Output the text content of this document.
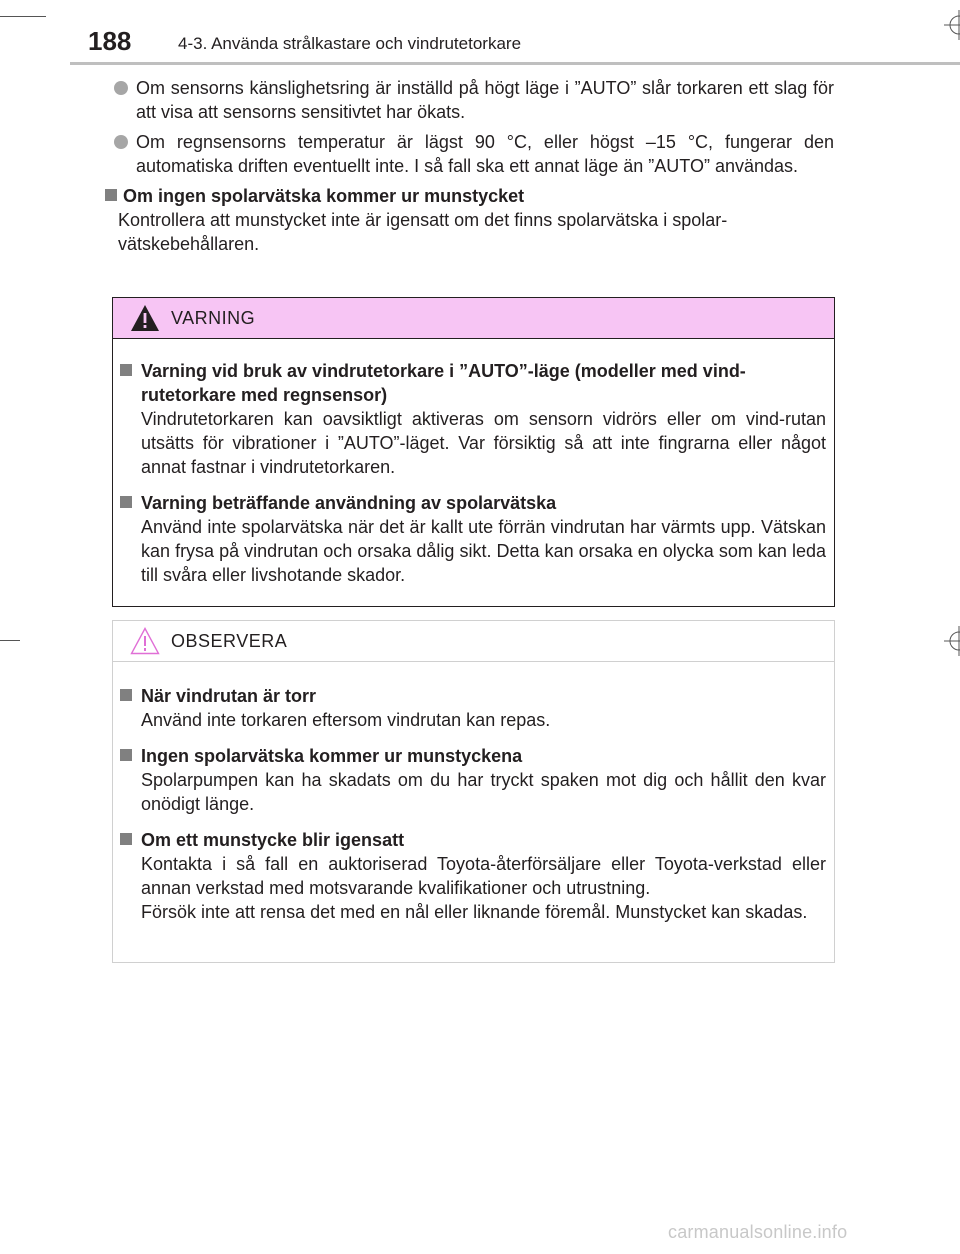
188	4-3. Använda strålkastare och vindrutetorkare
Om sensorns känslighetsring är inställd på högt läge i ”AUTO” slår torkaren ett slag för att visa att sensorns sensitivtet har ökats.
Om regnsensorns temperatur är lägst 90 °C, eller högst –15 °C, fungerar den automatiska driften eventuellt inte. I så fall ska ett annat läge än ”AUTO” användas.
Om ingen spolarvätska kommer ur munstycket
Kontrollera att munstycket inte är igensatt om det finns spolarvätska i spolar-vätskebehållaren.
VARNING
Varning vid bruk av vindrutetorkare i ”AUTO”-läge (modeller med vind-rutetorkare med regnsensor)
Vindrutetorkaren kan oavsiktligt aktiveras om sensorn vidrörs eller om vind-rutan utsätts för vibrationer i ”AUTO”-läget. Var försiktig så att inte fingrarna eller något annat fastnar i vindrutetorkaren.
Varning beträffande användning av spolarvätska
Använd inte spolarvätska när det är kallt ute förrän vindrutan har värmts upp. Vätskan kan frysa på vindrutan och orsaka dålig sikt. Detta kan orsaka en olycka som kan leda till svåra eller livshotande skador.
OBSERVERA
När vindrutan är torr
Använd inte torkaren eftersom vindrutan kan repas.
Ingen spolarvätska kommer ur munstyckena
Spolarpumpen kan ha skadats om du har tryckt spaken mot dig och hållit den kvar onödigt länge.
Om ett munstycke blir igensatt
Kontakta i så fall en auktoriserad Toyota-återförsäljare eller Toyota-verkstad eller annan verkstad med motsvarande kvalifikationer och utrustning.
Försök inte att rensa det med en nål eller liknande föremål. Munstycket kan skadas.
carmanualsonline.info
